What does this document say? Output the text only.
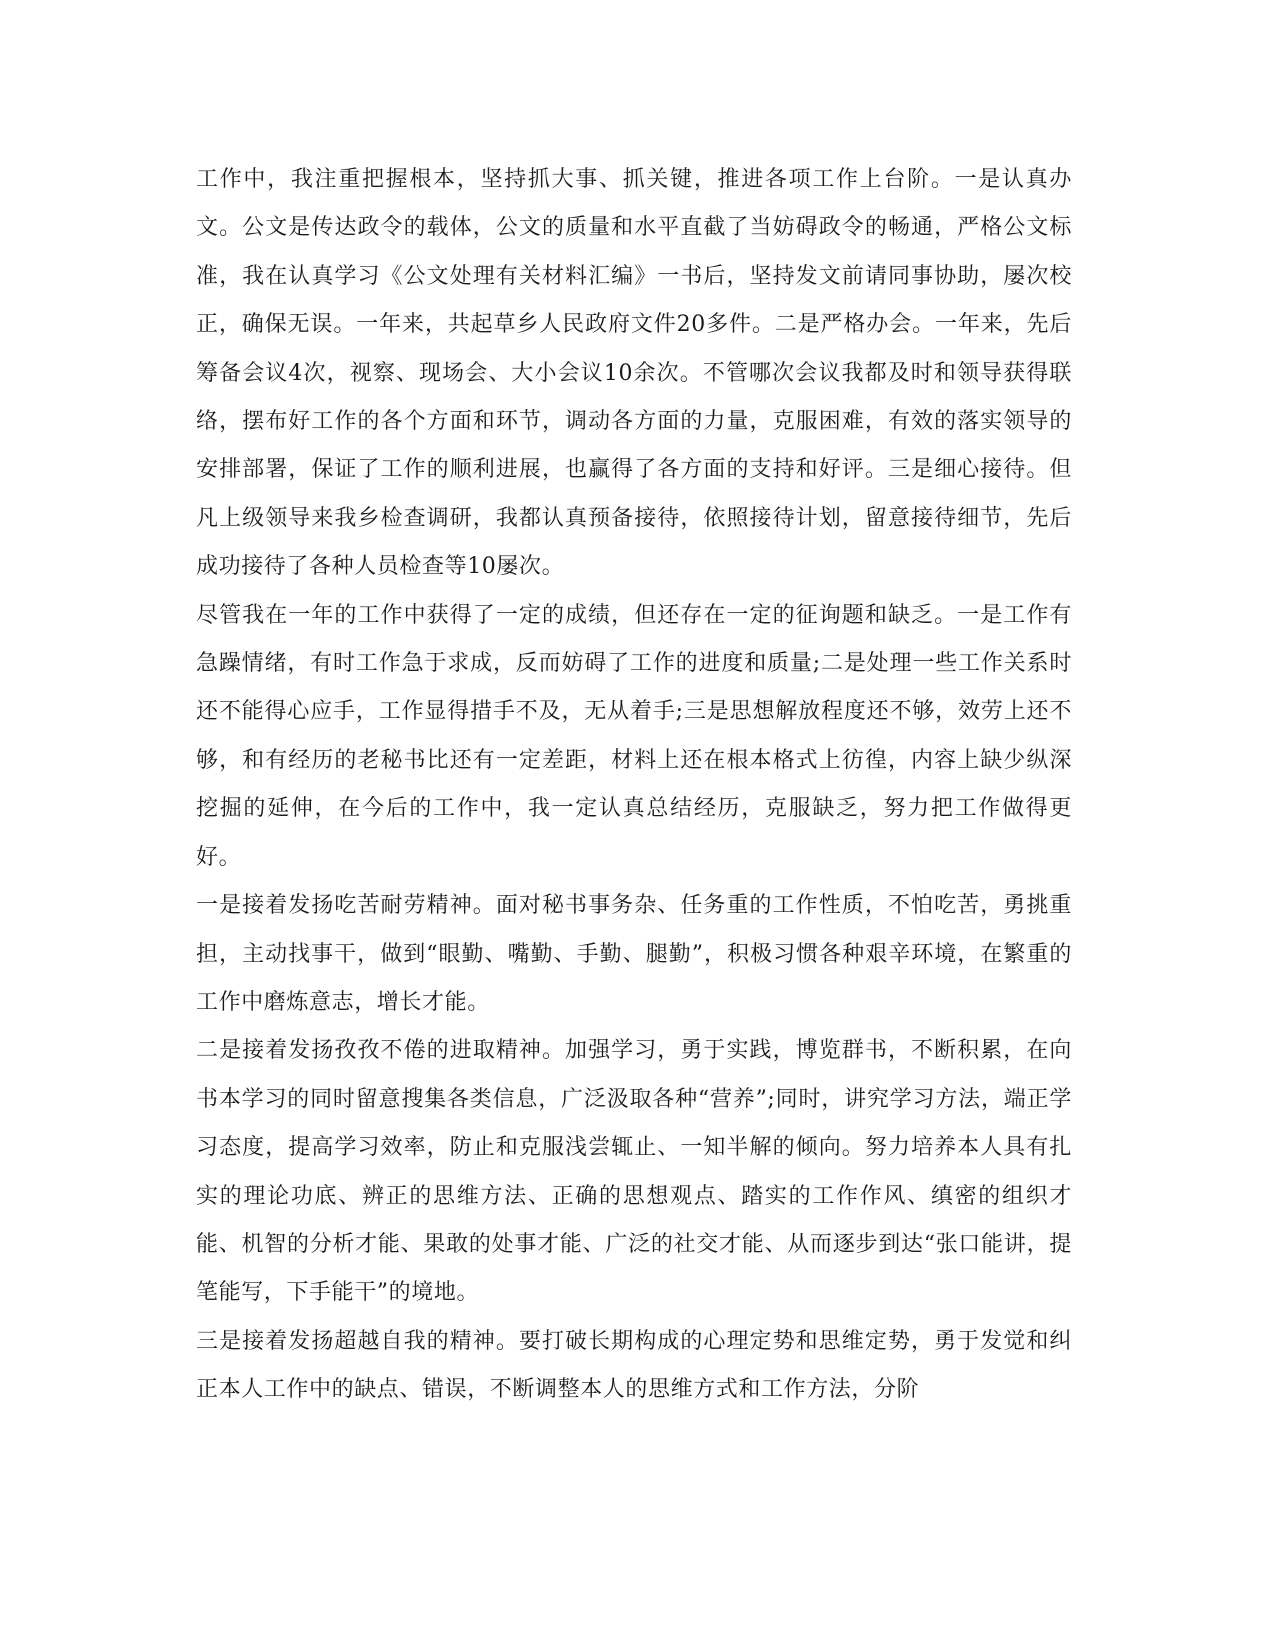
工作中，我注重把握根本，坚持抓大事、抓关键，推进各项工作上台阶。一是认真办文。公文是传达政令的载体，公文的质量和水平直截了当妨碍政令的畅通，严格公文标准，我在认真学习《公文处理有关材料汇编》一书后，坚持发文前请同事协助，屡次校正，确保无误。一年来，共起草乡人民政府文件20多件。二是严格办会。一年来，先后筹备会议4次，视察、现场会、大小会议10余次。不管哪次会议我都及时和领导获得联络，摆布好工作的各个方面和环节，调动各方面的力量，克服困难，有效的落实领导的安排部署，保证了工作的顺利进展，也赢得了各方面的支持和好评。三是细心接待。但凡上级领导来我乡检查调研，我都认真预备接待，依照接待计划，留意接待细节，先后成功接待了各种人员检查等10屡次。

尽管我在一年的工作中获得了一定的成绩，但还存在一定的征询题和缺乏。一是工作有急躁情绪，有时工作急于求成，反而妨碍了工作的进度和质量;二是处理一些工作关系时还不能得心应手，工作显得措手不及，无从着手;三是思想解放程度还不够，效劳上还不够，和有经历的老秘书比还有一定差距，材料上还在根本格式上彷徨，内容上缺少纵深挖掘的延伸，在今后的工作中，我一定认真总结经历，克服缺乏，努力把工作做得更好。

一是接着发扬吃苦耐劳精神。面对秘书事务杂、任务重的工作性质，不怕吃苦，勇挑重担，主动找事干，做到“眼勤、嘴勤、手勤、腿勤”，积极习惯各种艰辛环境，在繁重的工作中磨炼意志，增长才能。

二是接着发扬孜孜不倦的进取精神。加强学习，勇于实践，博览群书，不断积累，在向书本学习的同时留意搜集各类信息，广泛汲取各种“营养”;同时，讲究学习方法，端正学习态度，提高学习效率，防止和克服浅尝辄止、一知半解的倾向。努力培养本人具有扎实的理论功底、辨正的思维方法、正确的思想观点、踏实的工作作风、缜密的组织才能、机智的分析才能、果敢的处事才能、广泛的社交才能、从而逐步到达“张口能讲，提笔能写，下手能干”的境地。

三是接着发扬超越自我的精神。要打破长期构成的心理定势和思维定势，勇于发觉和纠正本人工作中的缺点、错误，不断调整本人的思维方式和工作方法，分阶
